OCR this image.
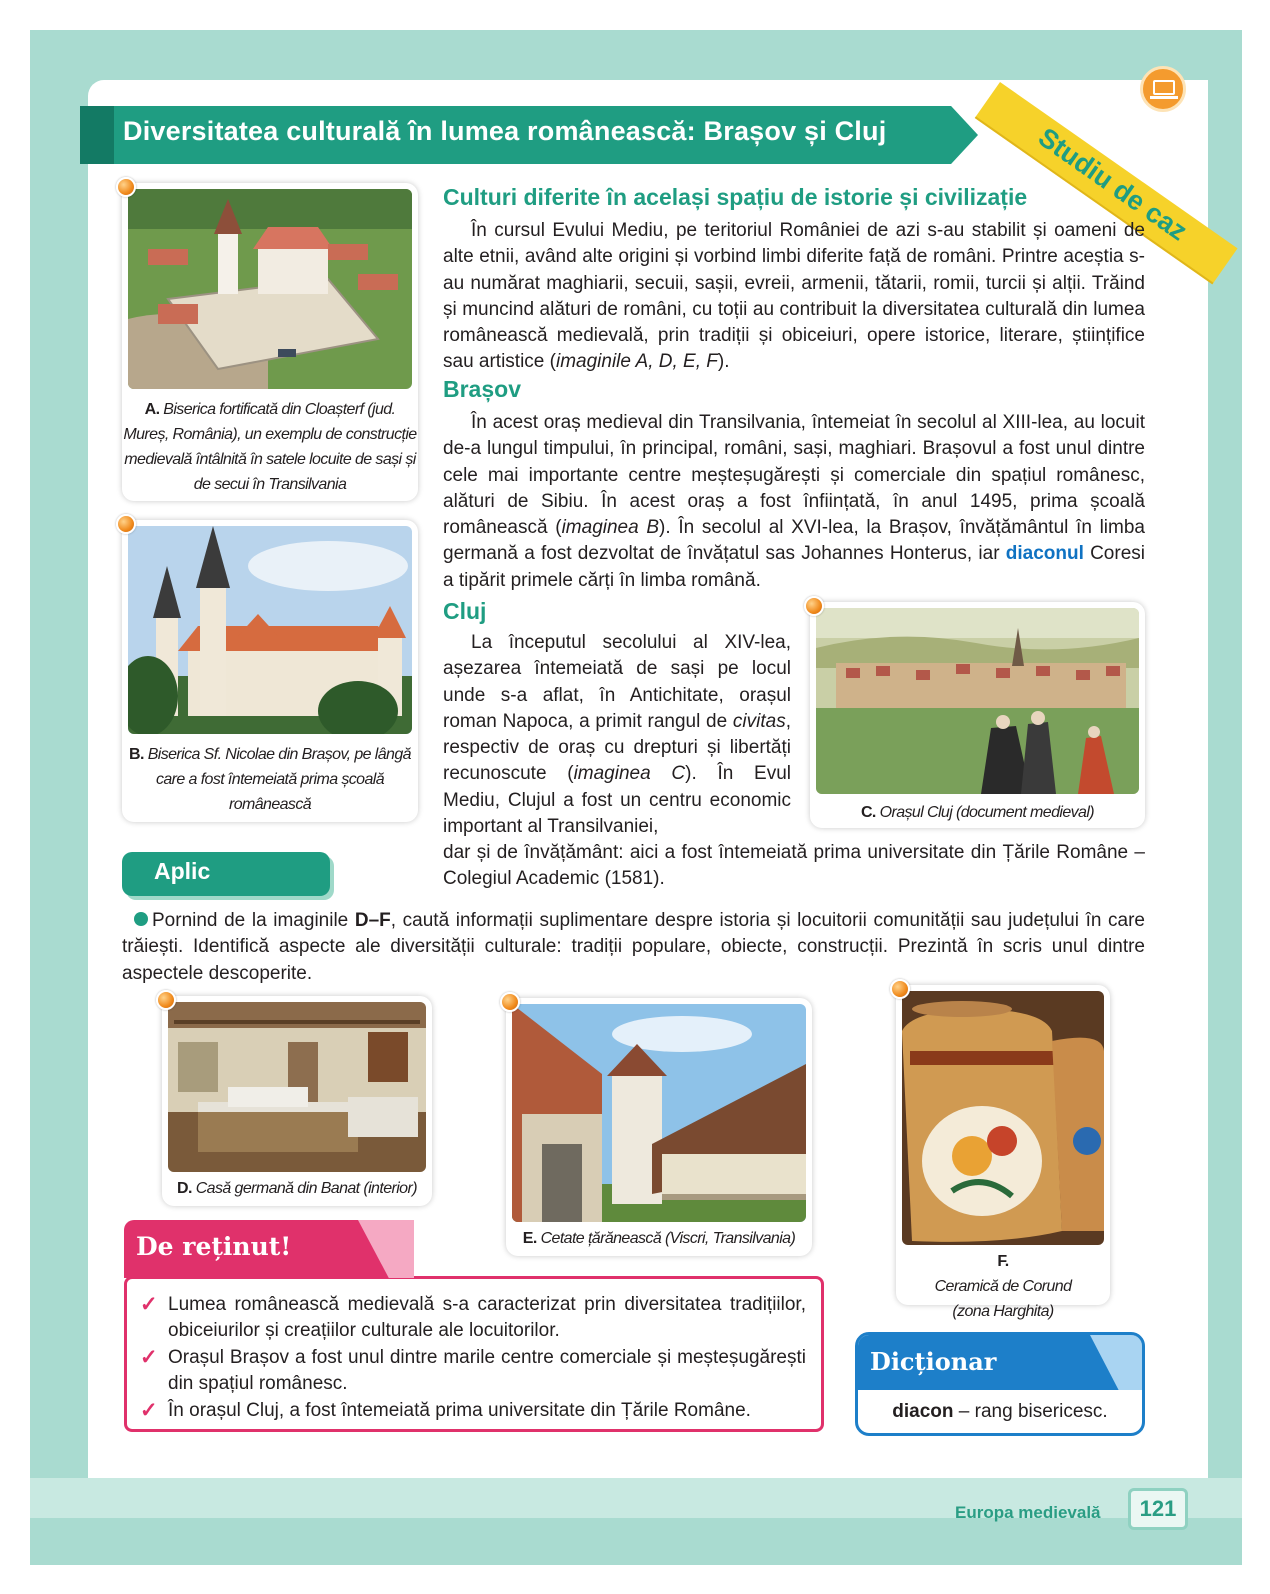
Europa medievală	121
Diversitatea culturală în lumea românească: Brașov și Cluj	Studiu de caz
A. Biserica fortificată din Cloașterf (jud. Mureș, România), un exemplu de construcție medievală întâlnită în satele locuite de sași și de secui în Transilvania
B. Biserica Sf. Nicolae din Brașov, pe lângă care a fost întemeiată prima școală românească
Culturi diferite în același spațiu de istorie și civilizație
În cursul Evului Mediu, pe teritoriul României de azi s-au stabilit și oameni de alte etnii, având alte origini și vorbind limbi diferite față de români. Printre aceștia s-au numărat maghiarii, secuii, sașii, evreii, armenii, tătarii, romii, turcii și alții. Trăind și muncind alături de români, cu toții au contribuit la diversitatea culturală din lumea românească medievală, prin tradiții și obiceiuri, opere istorice, literare, științifice sau artistice (imaginile A, D, E, F).
Brașov
În acest oraș medieval din Transilvania, întemeiat în secolul al XIII-lea, au locuit de-a lungul timpului, în principal, români, sași, maghiari. Brașovul a fost unul dintre cele mai importante centre meșteșugărești și comerciale din spațiul românesc, alături de Sibiu. În acest oraș a fost înființată, în anul 1495, prima școală românească (imaginea B). În secolul al XVI-lea, la Brașov, învățământul în limba germană a fost dezvoltat de învățatul sas Johannes Honterus, iar diaconul Coresi a tipărit primele cărți în limba română.
Cluj
La începutul secolului al XIV-lea, așezarea întemeiată de sași pe locul unde s-a aflat, în Antichitate, orașul roman Napoca, a primit rangul de civitas, respectiv de oraș cu drepturi și libertăți recunoscute (imaginea C). În Evul Mediu, Clujul a fost un centru economic important al Transilvaniei,
dar și de învățământ: aici a fost întemeiată prima universitate din Țările Române – Colegiul Academic (1581).
C. Orașul Cluj (document medieval)
Aplic
Pornind de la imaginile D–F, caută informații suplimentare despre istoria și locuitorii comunității sau județului în care trăiești. Identifică aspecte ale diversității culturale: tradiții populare, obiecte, construcții. Prezintă în scris unul dintre aspectele descoperite.
D. Casă germană din Banat (interior)
E. Cetate țărănească (Viscri, Transilvania)
F.
Ceramică de Corund (zona Harghita)
De reținut!
✓ Lumea românească medievală s-a caracterizat prin diversitatea tradițiilor, obiceiurilor și creațiilor culturale ale locuitorilor.
✓ Orașul Brașov a fost unul dintre marile centre comerciale și meșteșugărești din spațiul românesc.
✓ În orașul Cluj, a fost întemeiată prima universitate din Țările Române.
Dicționar
diacon – rang bisericesc.
